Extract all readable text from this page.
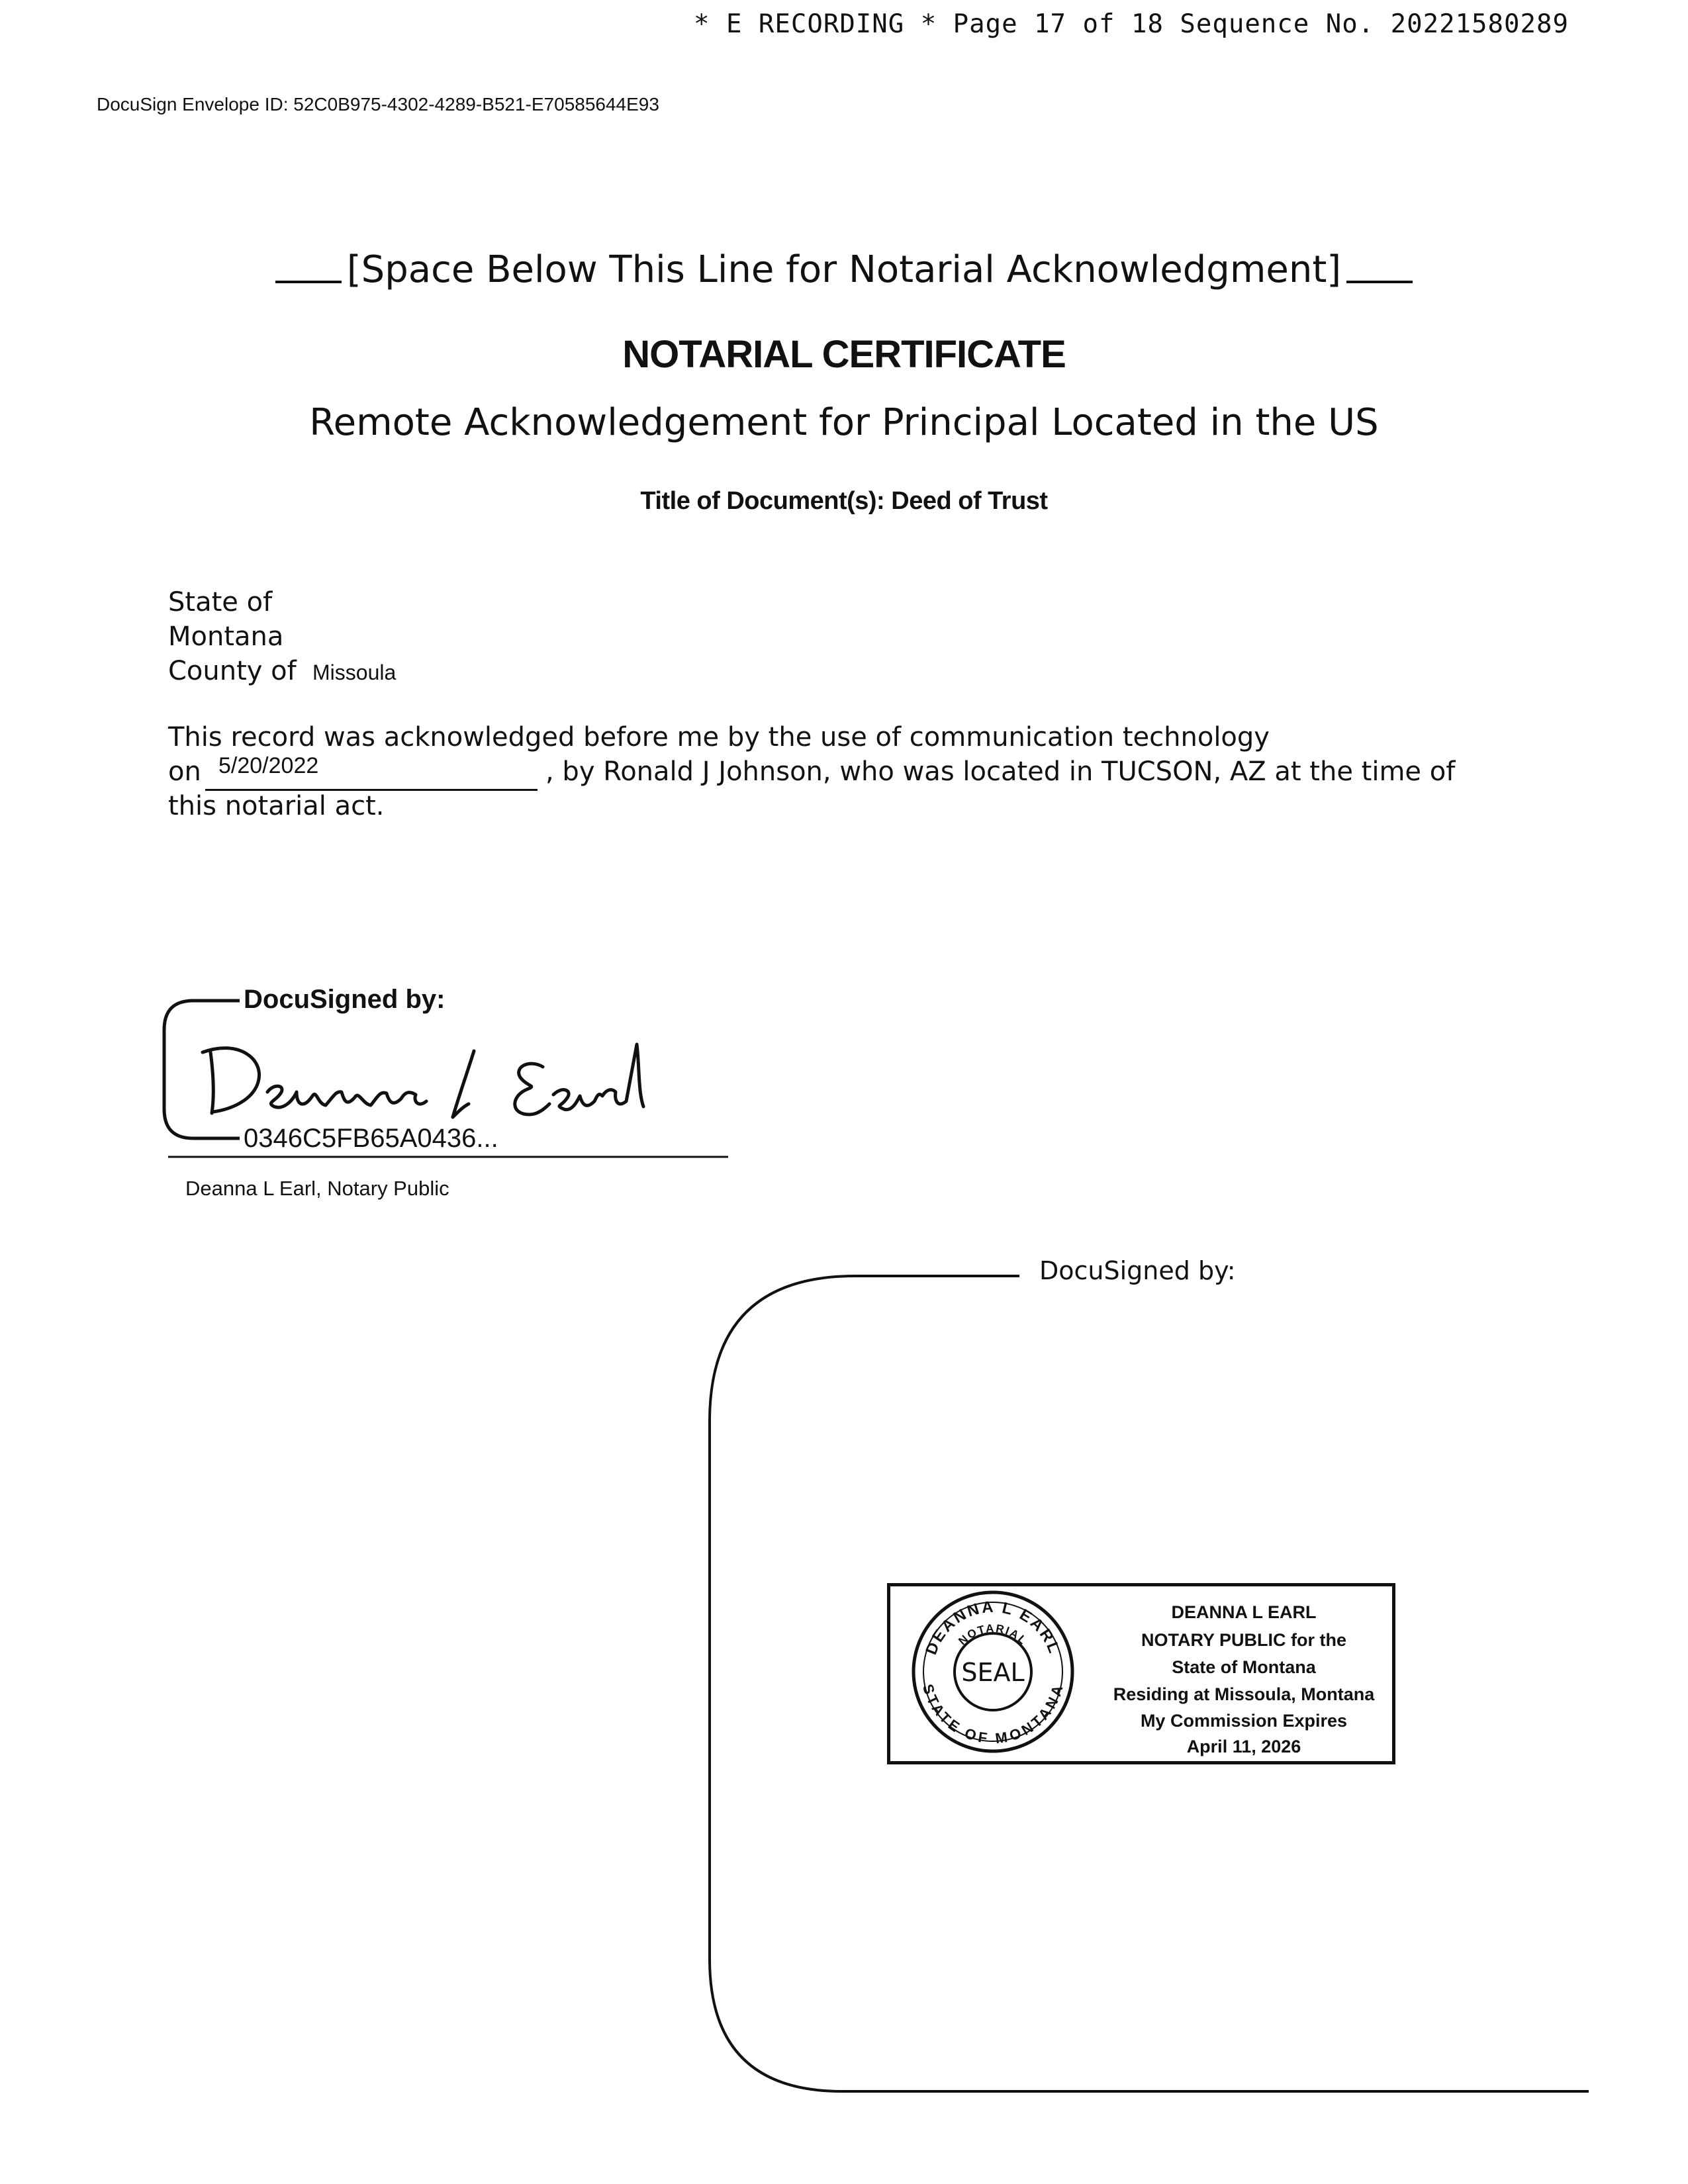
* E RECORDING * Page 17 of 18 Sequence No. 20221580289
DocuSign Envelope ID: 52C0B975-4302-4289-B521-E70585644E93
[Space Below This Line for Notarial Acknowledgment]
NOTARIAL CERTIFICATE
Remote Acknowledgement for Principal Located in the US
Title of Document(s): Deed of Trust
State of
Montana
County of Missoula
This record was acknowledged before me by the use of communication technology
on 5/20/2022	, by Ronald J Johnson, who was located in TUCSON, AZ at the time of
this notarial act.
DEANNA L EARL
NOTARIAL
STATE OF MONTANA
SEAL
DocuSigned by:
0346C5FB65A0436...
Deanna L Earl, Notary Public
DocuSigned by:
DEANNA L EARL
NOTARY PUBLIC for the
State of Montana
Residing at Missoula, Montana
My Commission Expires
April 11, 2026
